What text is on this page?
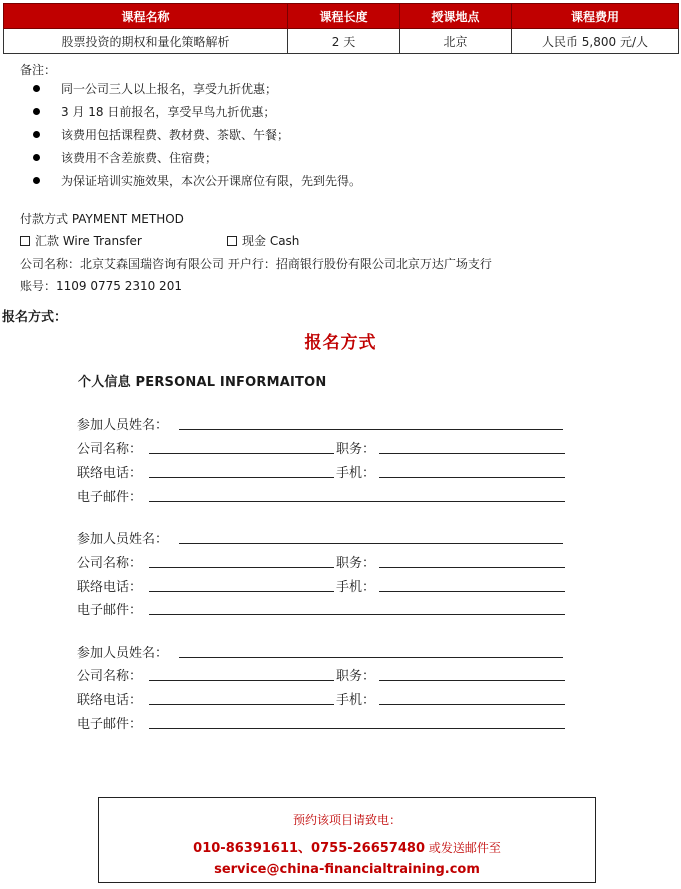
课程名称	课程长度	授课地点	课程费用
股票投资的期权和量化策略解析	2 天	北京	人民币 5,800 元/人
备注：
同一公司三人以上报名，享受九折优惠；
3 月 18 日前报名，享受早鸟九折优惠；
该费用包括课程费、教材费、茶歇、午餐；
该费用不含差旅费、住宿费；
为保证培训实施效果，本次公开课席位有限，先到先得。
付款方式 PAYMENT METHOD
汇款 Wire Transfer	现金 Cash
公司名称：北京艾森国瑞咨询有限公司 开户行：招商银行股份有限公司北京万达广场支行
账号：1109 0775 2310 201
报名方式：
报名方式
个人信息 PERSONAL INFORMAITON
参加人员姓名：
公司名称：	职务：
联络电话：	手机：
电子邮件：
参加人员姓名：
公司名称：	职务：
联络电话：	手机：
电子邮件：
参加人员姓名：
公司名称：	职务：
联络电话：	手机：
电子邮件：
预约该项目请致电：
010-86391611、0755-26657480 或发送邮件至
service@china-financialtraining.com
